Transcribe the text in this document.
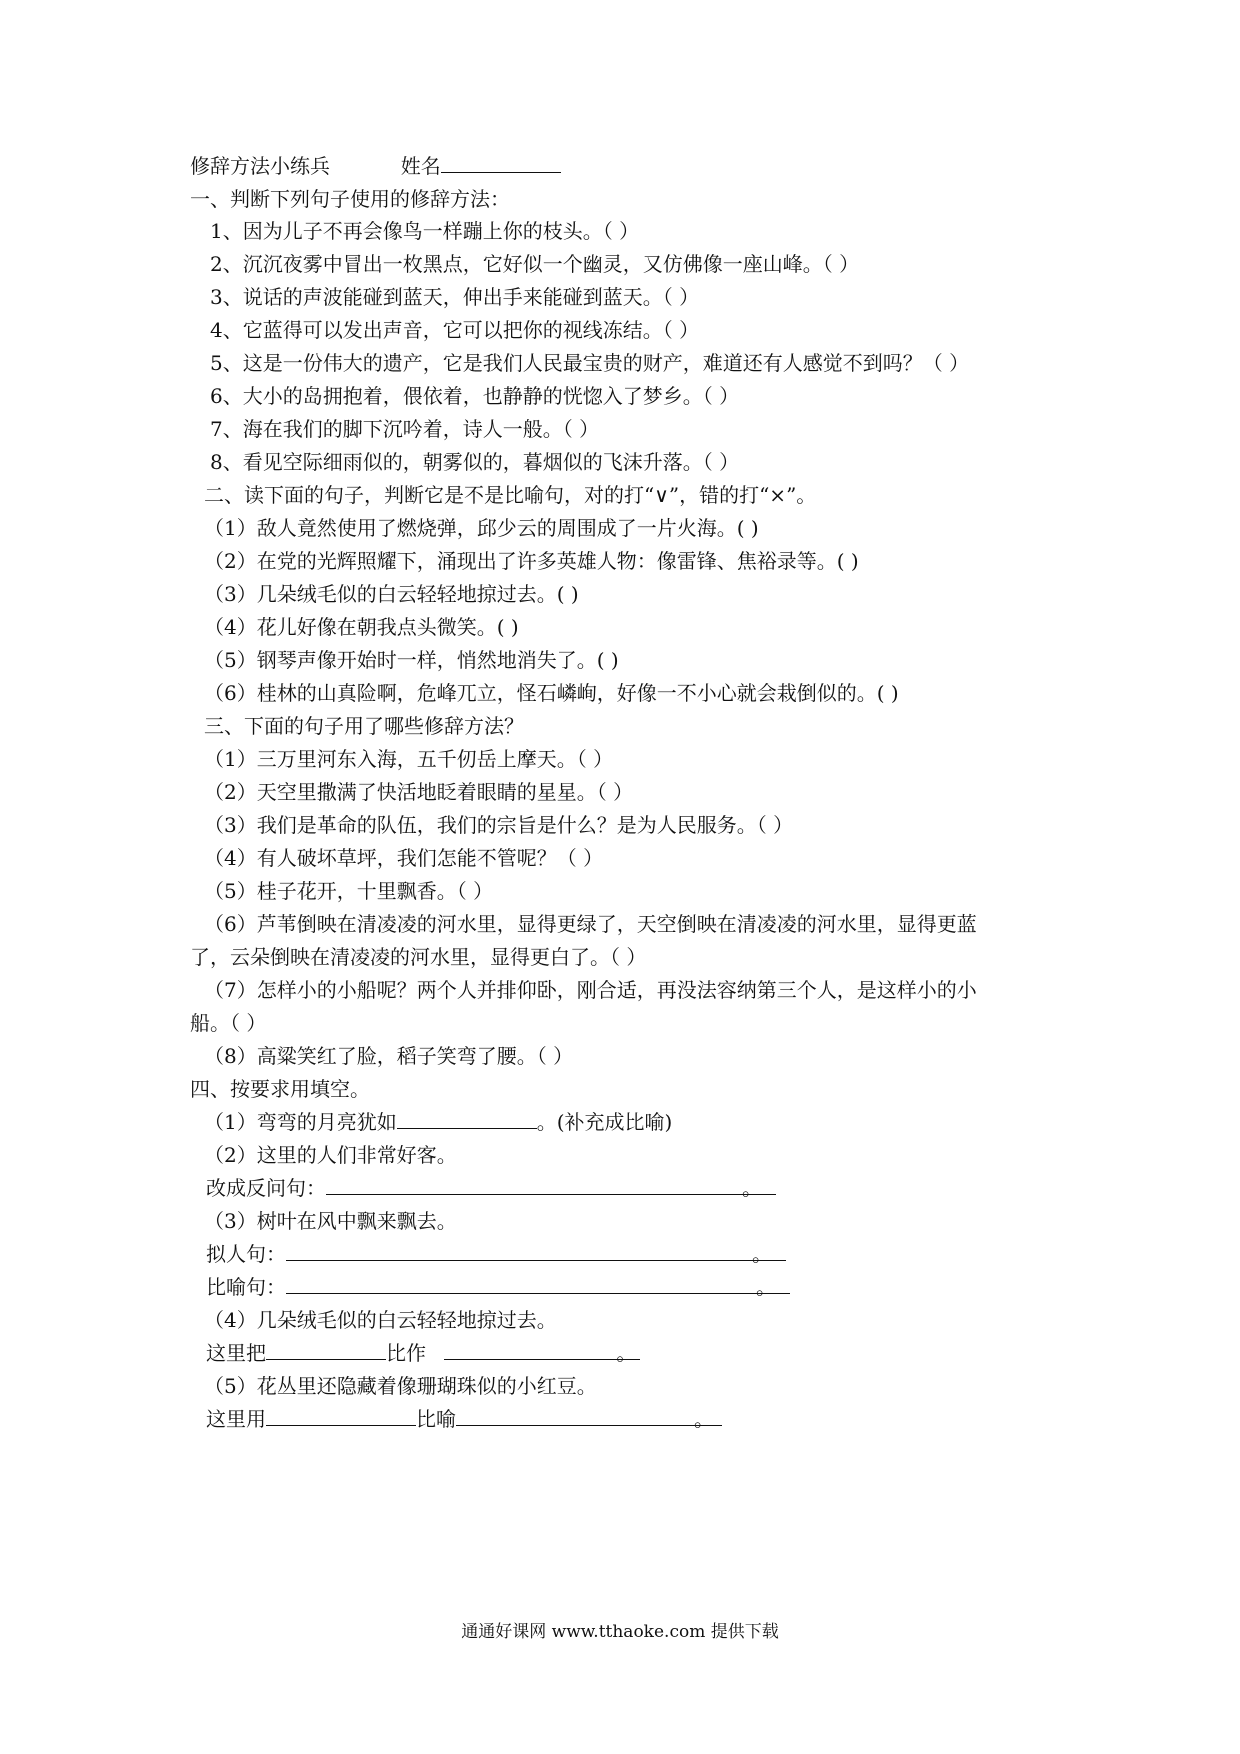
修辞方法小练兵	姓名
一、判断下列句子使用的修辞方法：
1、因为儿子不再会像鸟一样蹦上你的枝头。（ ）
2、沉沉夜雾中冒出一枚黑点，它好似一个幽灵，又仿佛像一座山峰。（ ）
3、说话的声波能碰到蓝天，伸出手来能碰到蓝天。（ ）
4、它蓝得可以发出声音，它可以把你的视线冻结。（ ）
5、这是一份伟大的遗产，它是我们人民最宝贵的财产，难道还有人感觉不到吗？（ ）
6、大小的岛拥抱着，偎依着，也静静的恍惚入了梦乡。（ ）
7、海在我们的脚下沉吟着，诗人一般。（ ）
8、看见空际细雨似的，朝雾似的，暮烟似的飞沫升落。（ ）
二、读下面的句子，判断它是不是比喻句，对的打“∨”，错的打“×”。
（1）敌人竟然使用了燃烧弹，邱少云的周围成了一片火海。( )
（2）在党的光辉照耀下，涌现出了许多英雄人物：像雷锋、焦裕录等。( )
（3）几朵绒毛似的白云轻轻地掠过去。( )
（4）花儿好像在朝我点头微笑。( )
（5）钢琴声像开始时一样，悄然地消失了。( )
（6）桂林的山真险啊，危峰兀立，怪石嶙峋，好像一不小心就会栽倒似的。( )
三、下面的句子用了哪些修辞方法？
（1）三万里河东入海，五千仞岳上摩天。（ ）
（2）天空里撒满了快活地眨着眼睛的星星。（ ）
（3）我们是革命的队伍，我们的宗旨是什么？是为人民服务。（ ）
（4）有人破坏草坪，我们怎能不管呢？（ ）
（5）桂子花开，十里飘香。（ ）
（6）芦苇倒映在清凌凌的河水里，显得更绿了，天空倒映在清凌凌的河水里，显得更蓝
了，云朵倒映在清凌凌的河水里，显得更白了。（ ）
（7）怎样小的小船呢？两个人并排仰卧，刚合适，再没法容纳第三个人，是这样小的小
船。（ ）
（8）高粱笑红了脸，稻子笑弯了腰。（ ）
四、按要求用填空。
（1）弯弯的月亮犹如	。(补充成比喻)
（2）这里的人们非常好客。
改成反问句：	。
（3）树叶在风中飘来飘去。
拟人句：	。
比喻句：	。
（4）几朵绒毛似的白云轻轻地掠过去。
这里把	比作	。
（5）花丛里还隐藏着像珊瑚珠似的小红豆。
这里用	比喻	。
通通好课网 www.tthaoke.com 提供下载
